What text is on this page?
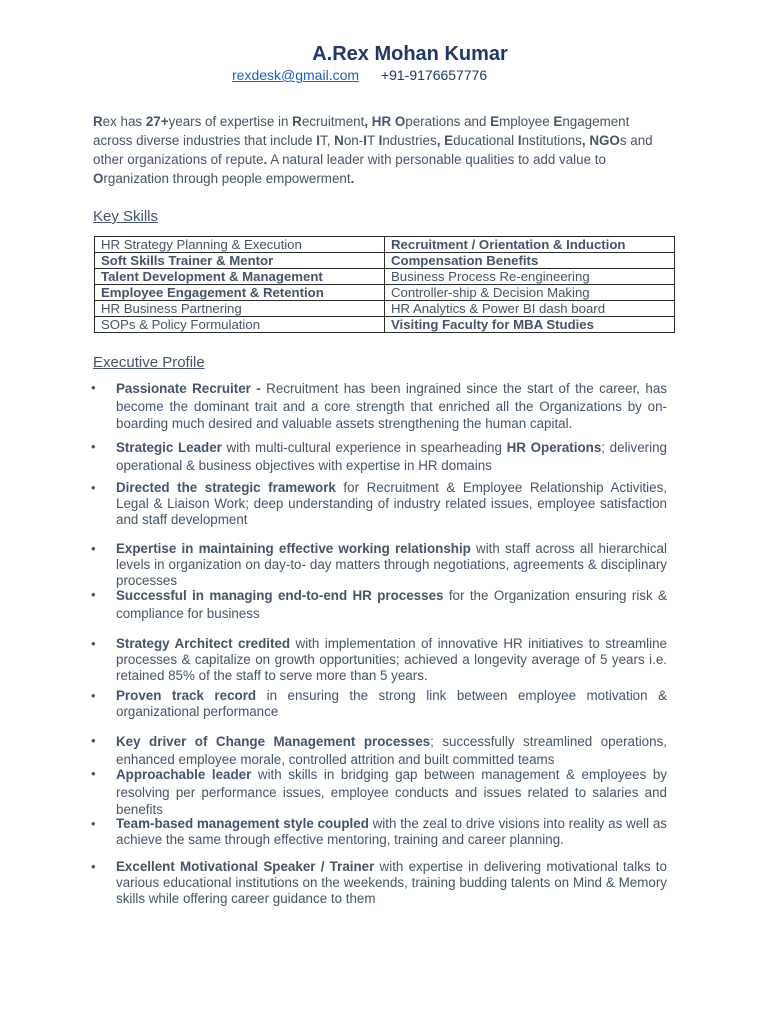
A.Rex Mohan Kumar
rexdesk@gmail.com +91-9176657776
Rex has 27+years of expertise in Recruitment, HR Operations and Employee Engagement across diverse industries that include IT, Non-IT Industries, Educational Institutions, NGOs and other organizations of repute. A natural leader with personable qualities to add value to Organization through people empowerment.
Key Skills
HR Strategy Planning & Execution	Recruitment / Orientation & Induction
Soft Skills Trainer & Mentor	Compensation Benefits
Talent Development & Management	Business Process Re-engineering
Employee Engagement & Retention	Controller-ship & Decision Making
HR Business Partnering	HR Analytics & Power BI dash board
SOPs & Policy Formulation	Visiting Faculty for MBA Studies
Executive Profile
• Passionate Recruiter - Recruitment has been ingrained since the start of the career, has become the dominant trait and a core strength that enriched all the Organizations by on-boarding much desired and valuable assets strengthening the human capital.
• Strategic Leader with multi-cultural experience in spearheading HR Operations; delivering operational & business objectives with expertise in HR domains
• Directed the strategic framework for Recruitment & Employee Relationship Activities, Legal & Liaison Work; deep understanding of industry related issues, employee satisfaction and staff development
• Expertise in maintaining effective working relationship with staff across all hierarchical levels in organization on day-to- day matters through negotiations, agreements & disciplinary processes
• Successful in managing end-to-end HR processes for the Organization ensuring risk & compliance for business
• Strategy Architect credited with implementation of innovative HR initiatives to streamline processes & capitalize on growth opportunities; achieved a longevity average of 5 years i.e. retained 85% of the staff to serve more than 5 years.
• Proven track record in ensuring the strong link between employee motivation & organizational performance
• Key driver of Change Management processes; successfully streamlined operations, enhanced employee morale, controlled attrition and built committed teams
• Approachable leader with skills in bridging gap between management & employees by resolving per performance issues, employee conducts and issues related to salaries and benefits
• Team-based management style coupled with the zeal to drive visions into reality as well as achieve the same through effective mentoring, training and career planning.
• Excellent Motivational Speaker / Trainer with expertise in delivering motivational talks to various educational institutions on the weekends, training budding talents on Mind & Memory skills while offering career guidance to them
